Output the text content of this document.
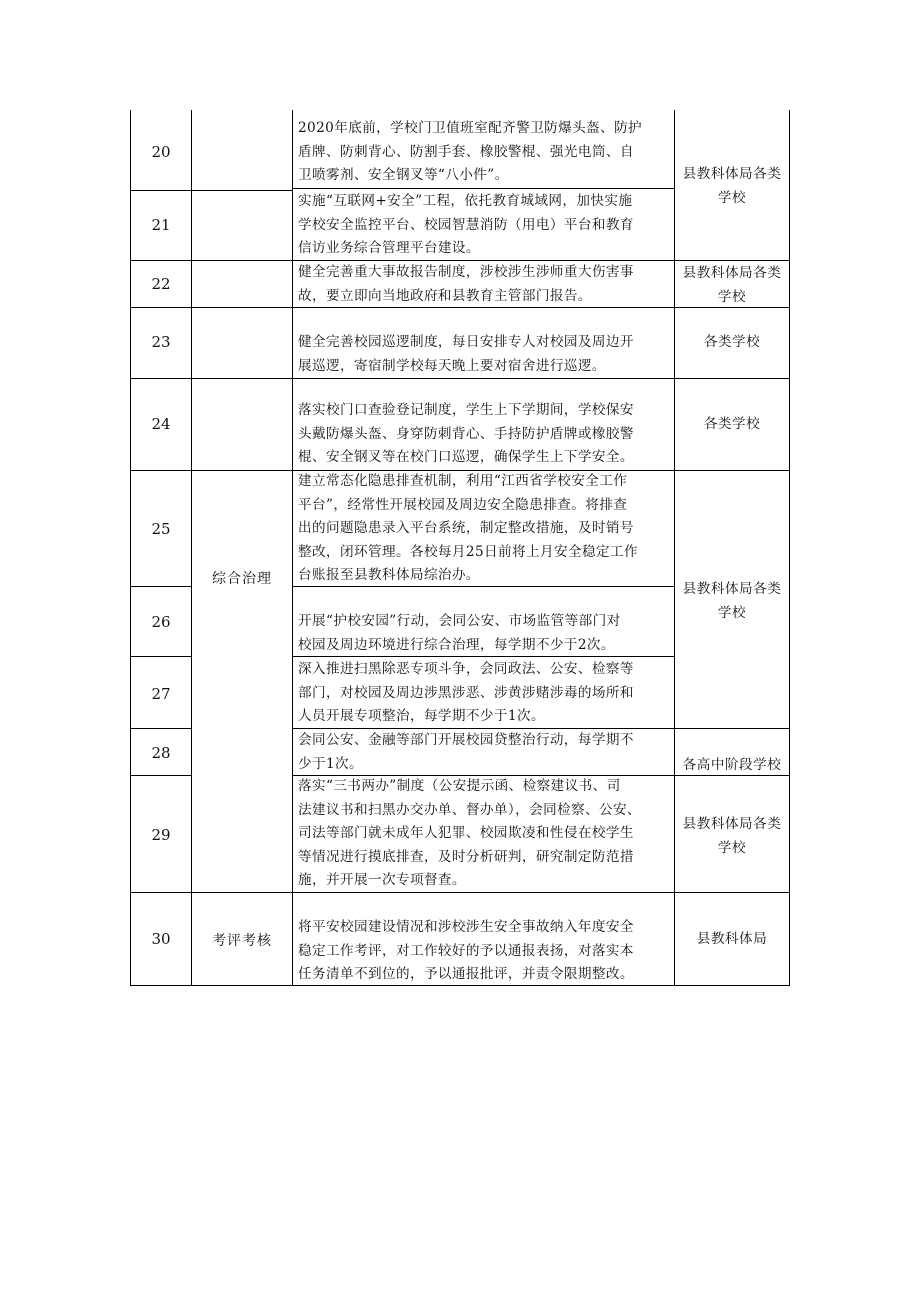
20
21
22
23
24
25
26
27
28
29
30
综合治理
考评考核
2020年底前，学校门卫值班室配齐警卫防爆头盔、防护
盾牌、防刺背心、防割手套、橡胶警棍、强光电筒、自
卫喷雾剂、安全钢叉等“八小件”。
实施“互联网+安全”工程，依托教育城域网，加快实施
学校安全监控平台、校园智慧消防（用电）平台和教育
信访业务综合管理平台建设。
健全完善重大事故报告制度，涉校涉生涉师重大伤害事
故，要立即向当地政府和县教育主管部门报告。
健全完善校园巡逻制度，每日安排专人对校园及周边开
展巡逻，寄宿制学校每天晚上要对宿舍进行巡逻。
落实校门口查验登记制度，学生上下学期间，学校保安
头戴防爆头盔、身穿防刺背心、手持防护盾牌或橡胶警
棍、安全钢叉等在校门口巡逻，确保学生上下学安全。
建立常态化隐患排查机制，利用“江西省学校安全工作
平台”，经常性开展校园及周边安全隐患排查。将排查
出的问题隐患录入平台系统，制定整改措施，及时销号
整改，闭环管理。各校每月25日前将上月安全稳定工作
台账报至县教科体局综治办。
开展“护校安园”行动，会同公安、市场监管等部门对
校园及周边环境进行综合治理，每学期不少于2次。
深入推进扫黑除恶专项斗争，会同政法、公安、检察等
部门，对校园及周边涉黑涉恶、涉黄涉赌涉毒的场所和
人员开展专项整治，每学期不少于1次。
会同公安、金融等部门开展校园贷整治行动，每学期不
少于1次。
落实“三书两办”制度（公安提示函、检察建议书、司
法建议书和扫黑办交办单、督办单），会同检察、公安、
司法等部门就未成年人犯罪、校园欺凌和性侵在校学生
等情况进行摸底排查，及时分析研判，研究制定防范措
施，并开展一次专项督查。
将平安校园建设情况和涉校涉生安全事故纳入年度安全
稳定工作考评，对工作较好的予以通报表扬，对落实本
任务清单不到位的，予以通报批评，并责令限期整改。
县教科体局各类
学校
县教科体局各类
学校
各类学校
各类学校
县教科体局各类
学校
各高中阶段学校
县教科体局各类
学校
县教科体局
